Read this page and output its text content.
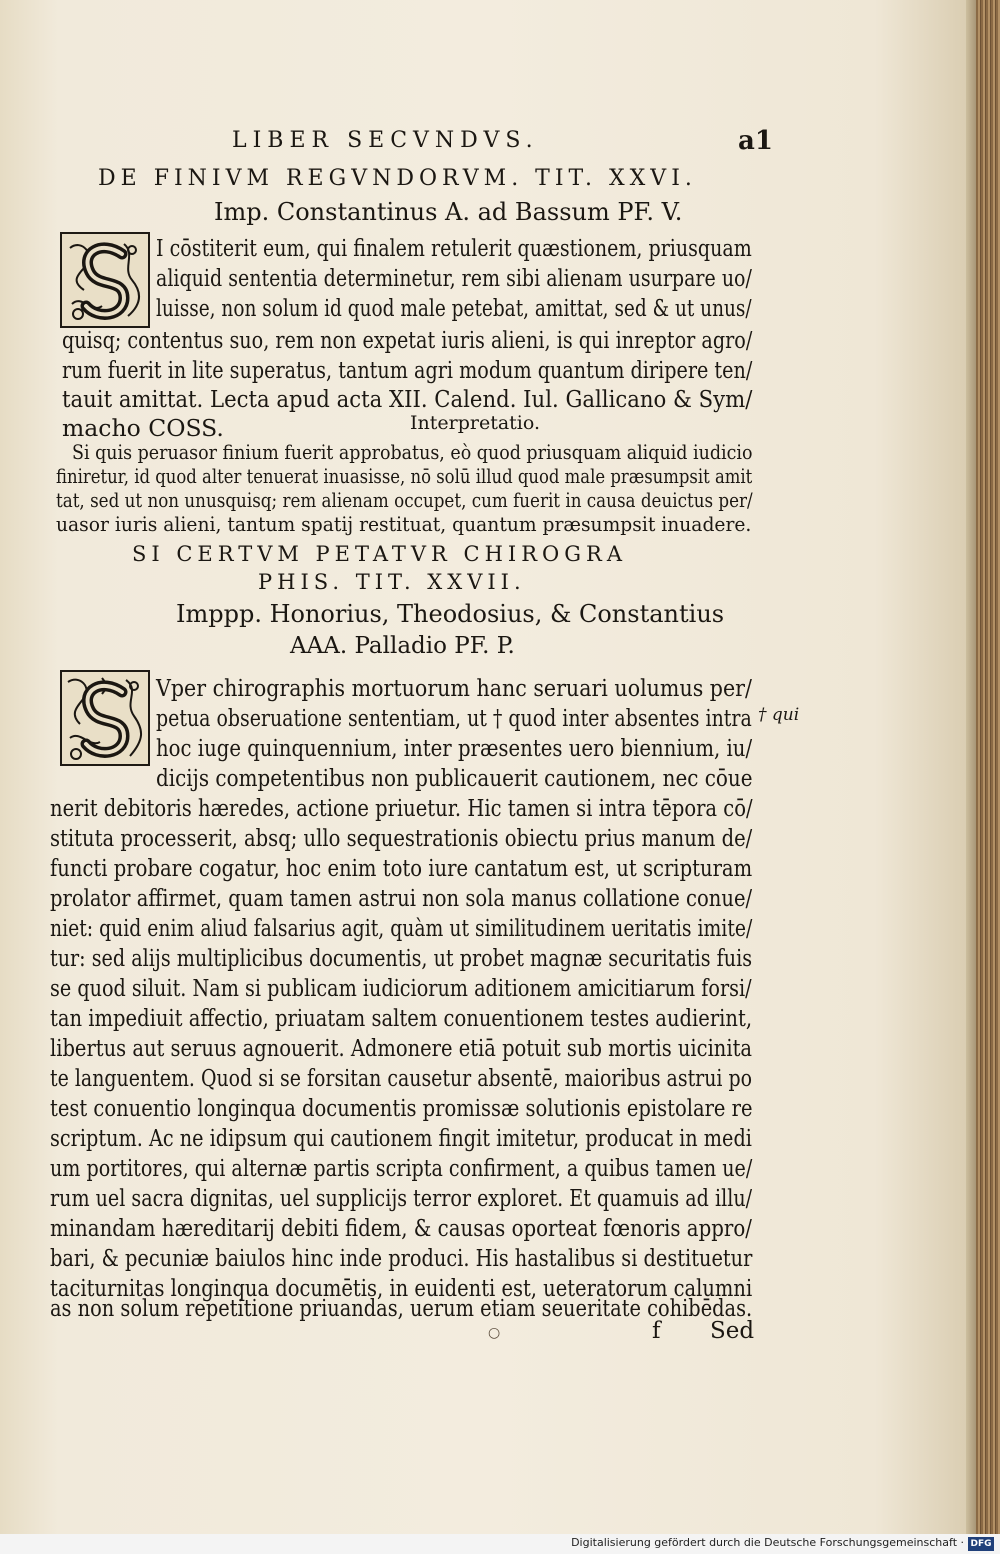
LIBER SECVNDVS.	a1
DE FINIVM REGVNDORVM. TIT. XXVI.
Imp. Constantinus A. ad Bassum PF. V.
I cōstiterit eum, qui finalem retulerit quæstionem, priusquam
aliquid sententia determinetur, rem sibi alienam usurpare uo/
luisse, non solum id quod male petebat, amittat, sed & ut unus/
quisq; contentus suo, rem non expetat iuris alieni, is qui inreptor agro/
rum fuerit in lite superatus, tantum agri modum quantum diripere ten/
tauit amittat. Lecta apud acta XII. Calend. Iul. Gallicano & Sym/
macho COSS.	Interpretatio.
Si quis peruasor finium fuerit approbatus, eò quod priusquam aliquid iudicio
finiretur, id quod alter tenuerat inuasisse, nō solū illud quod male præsumpsit amit
tat, sed ut non unusquisq; rem alienam occupet, cum fuerit in causa deuictus per/
uasor iuris alieni, tantum spatij restituat, quantum præsumpsit inuadere.
SI CERTVM PETATVR CHIROGRA
PHIS. TIT. XXVII.
Imppp. Honorius, Theodosius, & Constantius
AAA. Palladio PF. P.
† qui
Vper chirographis mortuorum hanc seruari uolumus per/
petua obseruatione sententiam, ut † quod inter absentes intra
hoc iuge quinquennium, inter præsentes uero biennium, iu/
dicijs competentibus non publicauerit cautionem, nec cōue
nerit debitoris hæredes, actione priuetur. Hic tamen si intra tēpora cō/
stituta processerit, absq; ullo sequestrationis obiectu prius manum de/
functi probare cogatur, hoc enim toto iure cantatum est, ut scripturam
prolator affirmet, quam tamen astrui non sola manus collatione conue/
niet: quid enim aliud falsarius agit, quàm ut similitudinem ueritatis imite/
tur: sed alijs multiplicibus documentis, ut probet magnæ securitatis fuis
se quod siluit. Nam si publicam iudiciorum aditionem amicitiarum forsi/
tan impediuit affectio, priuatam saltem conuentionem testes audierint,
libertus aut seruus agnouerit. Admonere etiā potuit sub mortis uicinita
te languentem. Quod si se forsitan causetur absentē, maioribus astrui po
test conuentio longinqua documentis promissæ solutionis epistolare re
scriptum. Ac ne idipsum qui cautionem fingit imitetur, producat in medi
um portitores, qui alternæ partis scripta confirment, a quibus tamen ue/
rum uel sacra dignitas, uel supplicijs terror exploret. Et quamuis ad illu/
minandam hæreditarij debiti fidem, & causas oporteat fœnoris appro/
bari, & pecuniæ baiulos hinc inde produci. His hastalibus si destituetur
taciturnitas longinqua documētis, in euidenti est, ueteratorum calumni
as non solum repetitione priuandas, uerum etiam seueritate cohibēdas.
○	f Sed
Digitalisierung gefördert durch die Deutsche Forschungsgemeinschaft · DFG
